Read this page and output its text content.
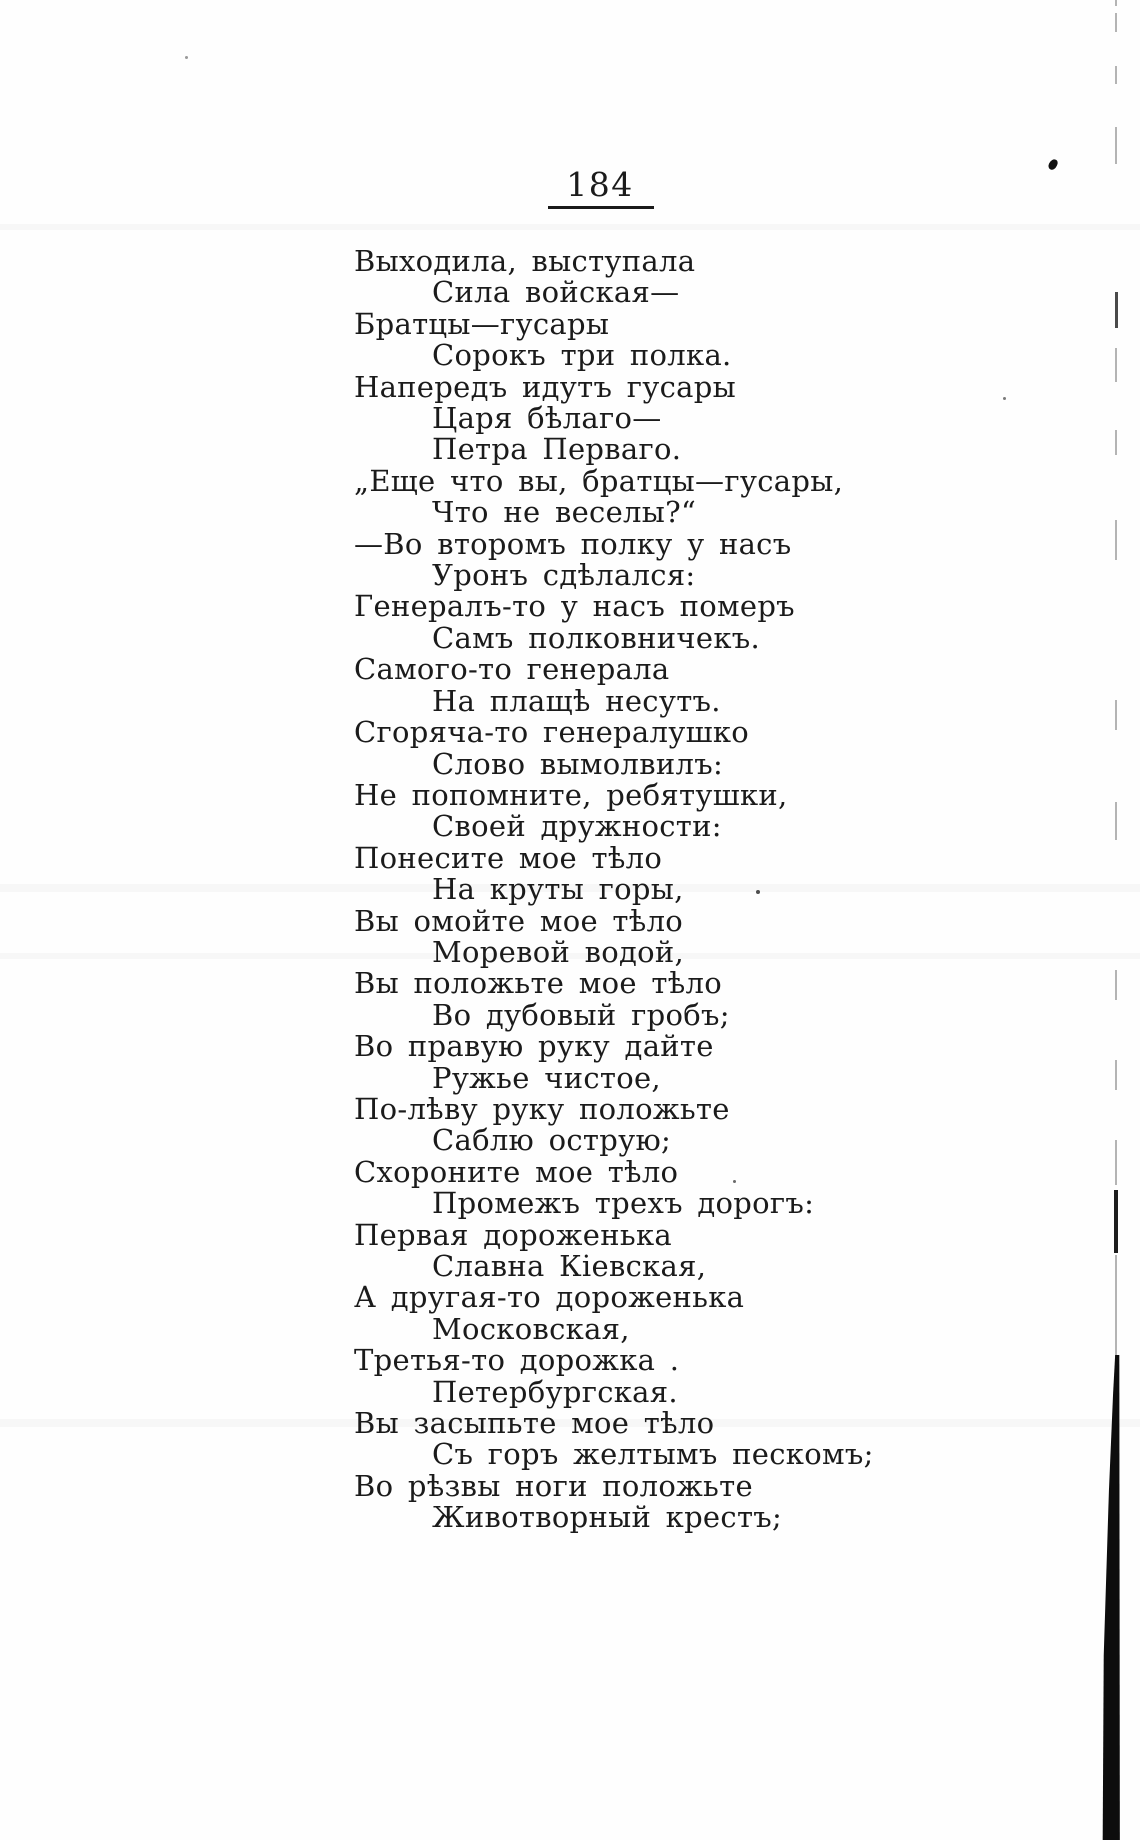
184
Выходила, выступала
Сила войская—
Братцы—гусары
Сорокъ три полка.
Напередъ идутъ гусары
Царя бѣлаго—
Петра Перваго.
„Еще что вы, братцы—гусары,
Что не веселы?“
—Во второмъ полку у насъ
Уронъ сдѣлался:
Генералъ-то у насъ померъ
Самъ полковничекъ.
Самого-то генерала
На плащѣ несутъ.
Сгоряча-то генералушко
Слово вымолвилъ:
Не попомните, ребятушки,
Своей дружности:
Понесите мое тѣло
На круты горы,
Вы омойте мое тѣло
Моревой водой,
Вы положьте мое тѣло
Во дубовый гробъ;
Во правую руку дайте
Ружье чистое,
По-лѣву руку положьте
Саблю острую;
Схороните мое тѣло
Промежъ трехъ дорогъ:
Первая дороженька
Славна Кіевская,
А другая-то дороженька
Московская,
Третья-то дорожка .
Петербургская.
Вы засыпьте мое тѣло
Съ горъ желтымъ пескомъ;
Во рѣзвы ноги положьте
Животворный крестъ;
